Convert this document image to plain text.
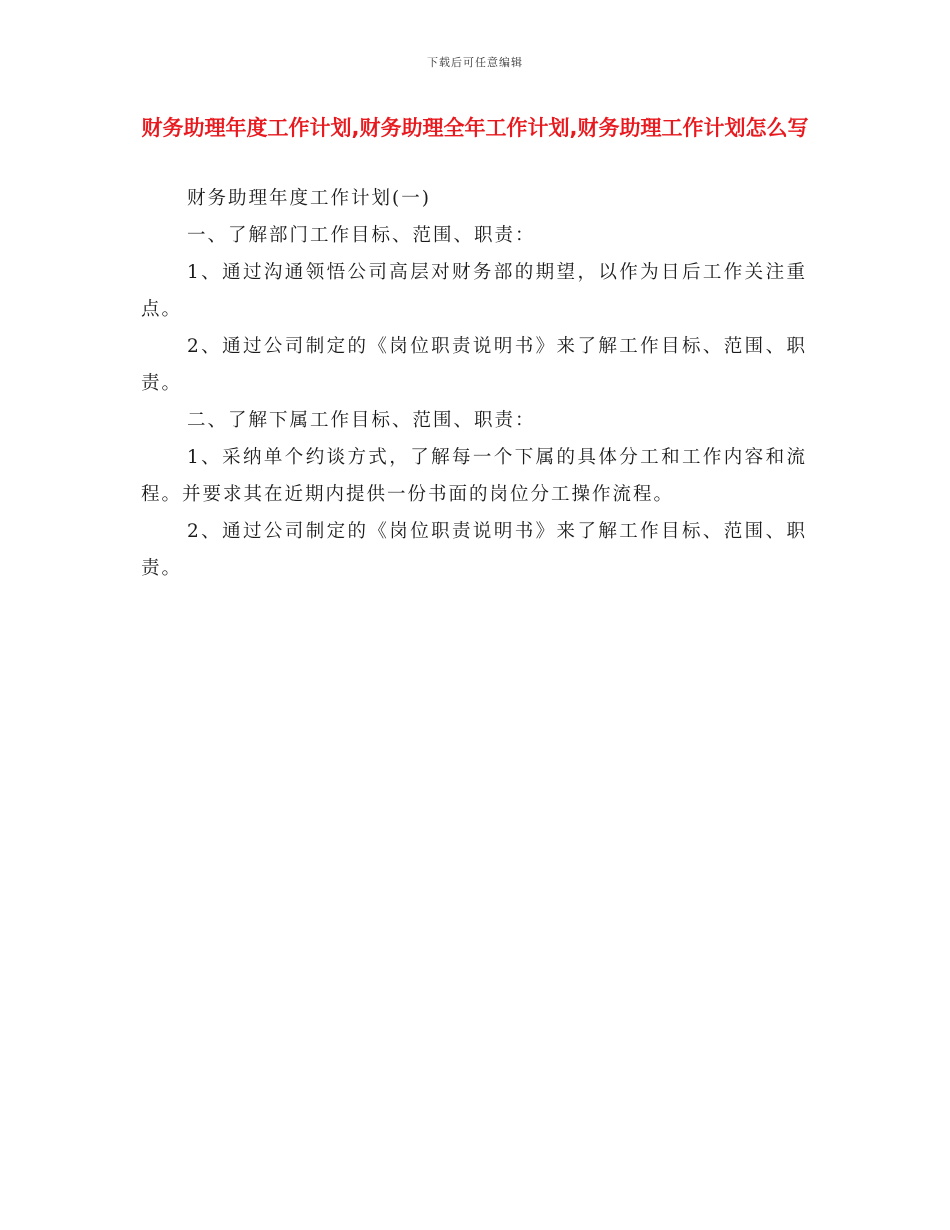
下载后可任意编辑
财务助理年度工作计划,财务助理全年工作计划,财务助理工作计划怎么写

财务助理年度工作计划(一)

一、了解部门工作目标、范围、职责：

1、通过沟通领悟公司高层对财务部的期望，以作为日后工作关注重点。

2、通过公司制定的《岗位职责说明书》来了解工作目标、范围、职责。

二、了解下属工作目标、范围、职责：

1、采纳单个约谈方式，了解每一个下属的具体分工和工作内容和流程。并要求其在近期内提供一份书面的岗位分工操作流程。

2、通过公司制定的《岗位职责说明书》来了解工作目标、范围、职责。
